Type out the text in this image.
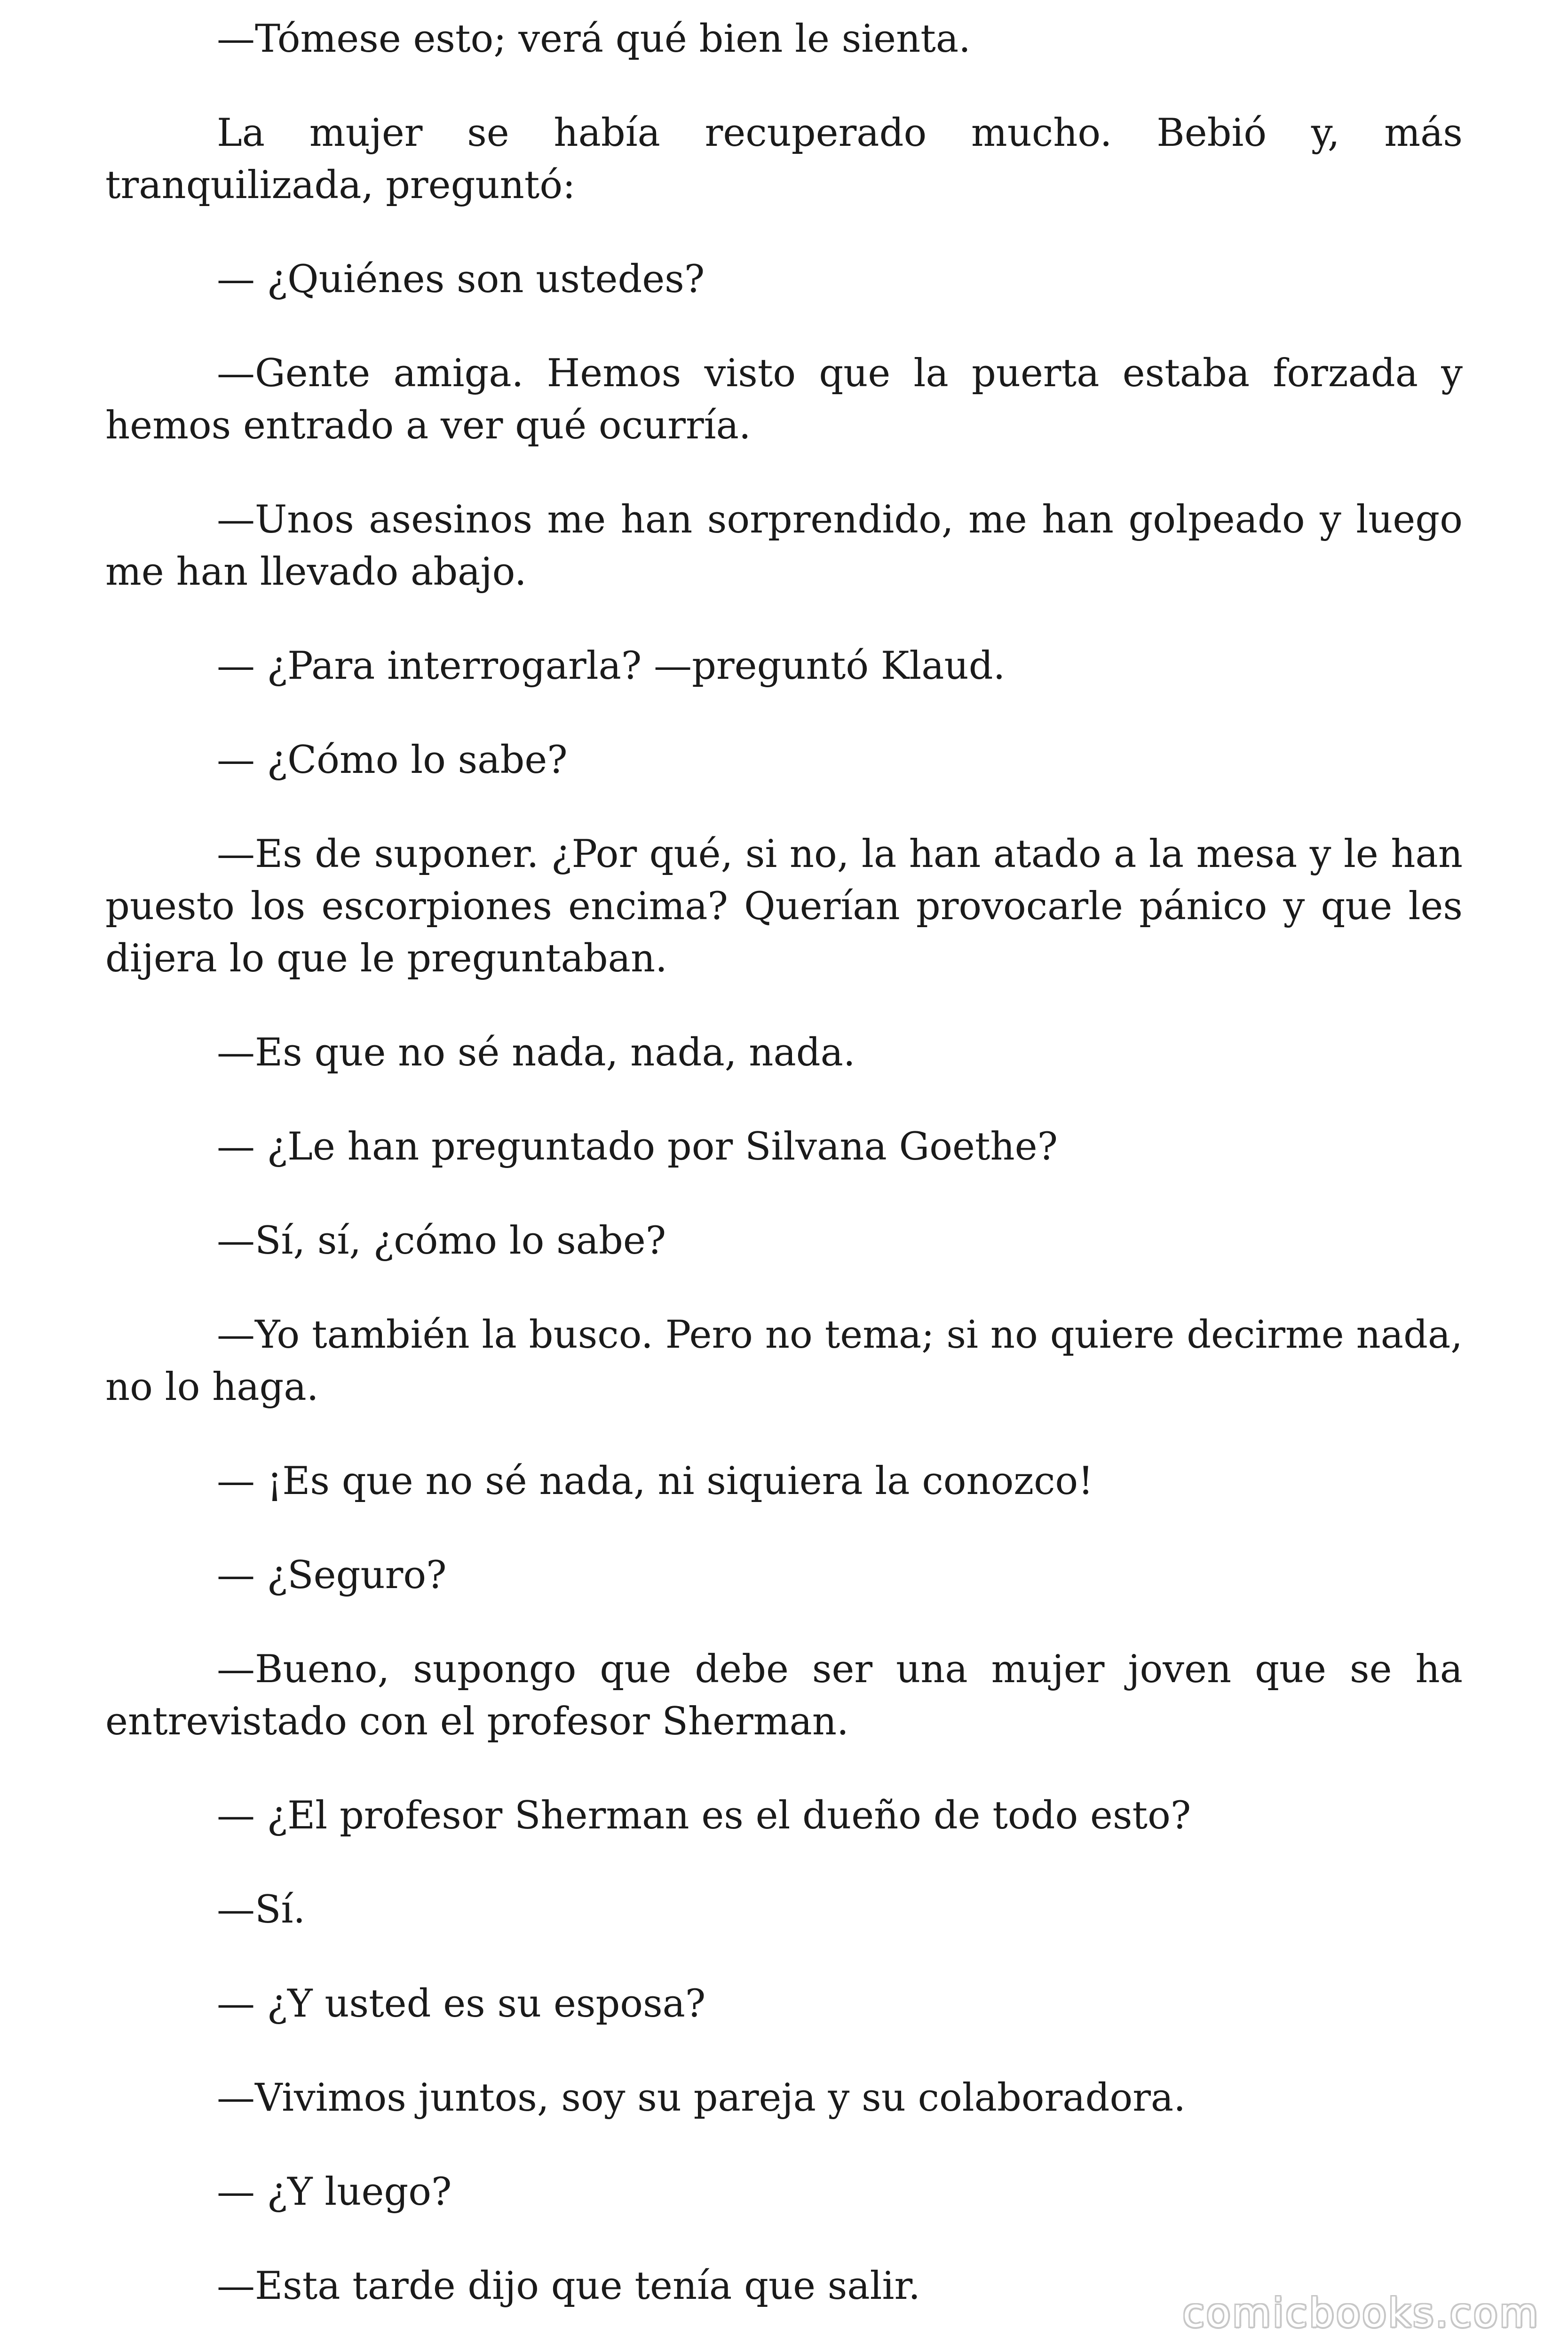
—Tómese esto; verá qué bien le sienta.

La mujer se había recuperado mucho. Bebió y, más tranquilizada, preguntó:

— ¿Quiénes son ustedes?

—Gente amiga. Hemos visto que la puerta estaba forzada y hemos entrado a ver qué ocurría.

—Unos asesinos me han sorprendido, me han golpeado y luego me han llevado abajo.

— ¿Para interrogarla? —preguntó Klaud.

— ¿Cómo lo sabe?

—Es de suponer. ¿Por qué, si no, la han atado a la mesa y le han puesto los escorpiones encima? Querían provocarle pánico y que les dijera lo que le preguntaban.

—Es que no sé nada, nada, nada.

— ¿Le han preguntado por Silvana Goethe?

—Sí, sí, ¿cómo lo sabe?

—Yo también la busco. Pero no tema; si no quiere decirme nada, no lo haga.

— ¡Es que no sé nada, ni siquiera la conozco!

— ¿Seguro?

—Bueno, supongo que debe ser una mujer joven que se ha entrevistado con el profesor Sherman.

— ¿El profesor Sherman es el dueño de todo esto?

—Sí.

— ¿Y usted es su esposa?

—Vivimos juntos, soy su pareja y su colaboradora.

— ¿Y luego?

—Esta tarde dijo que tenía que salir.

comicbooks.com
